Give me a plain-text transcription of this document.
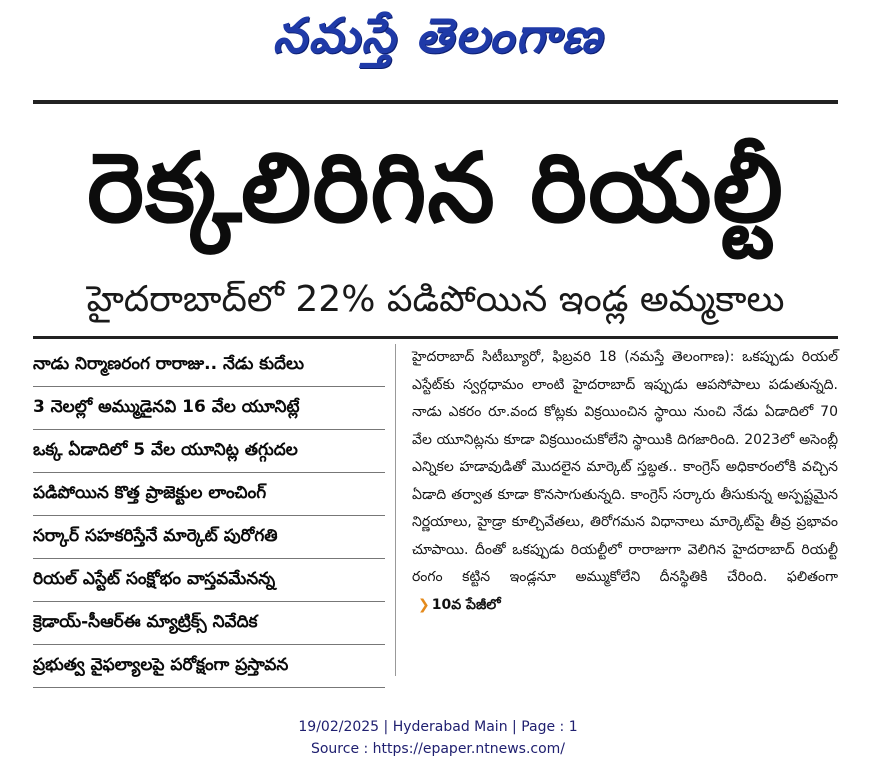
నమస్తే తెలంగాణ
రెక్కలిరిగిన రియల్టీ
హైదరాబాద్‌లో 22% పడిపోయిన ఇండ్ల అమ్మకాలు
నాడు నిర్మాణరంగ రారాజు.. నేడు కుదేలు
3 నెలల్లో అమ్ముడైనవి 16 వేల యూనిట్లే
ఒక్క ఏడాదిలో 5 వేల యూనిట్ల తగ్గుదల
పడిపోయిన కొత్త ప్రాజెక్టుల లాంచింగ్
సర్కార్ సహకరిస్తేనే మార్కెట్ పురోగతి
రియల్ ఎస్టేట్ సంక్షోభం వాస్తవమేనన్న
క్రెడాయ్-సీఆర్ఈ మ్యాట్రిక్స్ నివేదిక
ప్రభుత్వ వైఫల్యాలపై పరోక్షంగా ప్రస్తావన

హైదరాబాద్ సిటీబ్యూరో, ఫిబ్రవరి 18 (నమస్తే తెలంగాణ): ఒకప్పుడు రియల్ ఎస్టేట్‌కు స్వర్గధామం లాంటి హైదరాబాద్ ఇప్పుడు ఆపసోపాలు పడుతున్నది. నాడు ఎకరం రూ.వంద కోట్లకు విక్రయించిన స్థాయి నుంచి నేడు ఏడాదిలో 70 వేల యూనిట్లను కూడా విక్రయించుకోలేని స్థాయికి దిగజారింది. 2023లో అసెంబ్లీ ఎన్నికల హడావుడితో మొదలైన మార్కెట్ స్తబ్ధత.. కాంగ్రెస్ అధికారంలోకి వచ్చిన ఏడాది తర్వాత కూడా కొనసాగుతున్నది. కాంగ్రెస్ సర్కారు తీసుకున్న అస్పష్టమైన నిర్ణయాలు, హైడ్రా కూల్చివేతలు, తిరోగమన విధానాలు మార్కెట్‌పై తీవ్ర ప్రభావం చూపాయి. దీంతో ఒకప్పుడు రియల్టీలో రారాజుగా వెలిగిన హైదరాబాద్ రియల్టీ రంగం కట్టిన ఇండ్లనూ అమ్ముకోలేని దీనస్థితికి చేరింది. ఫలితంగా ❯ 10వ పేజీలో

19/02/2025 | Hyderabad Main | Page : 1
Source : https://epaper.ntnews.com/
